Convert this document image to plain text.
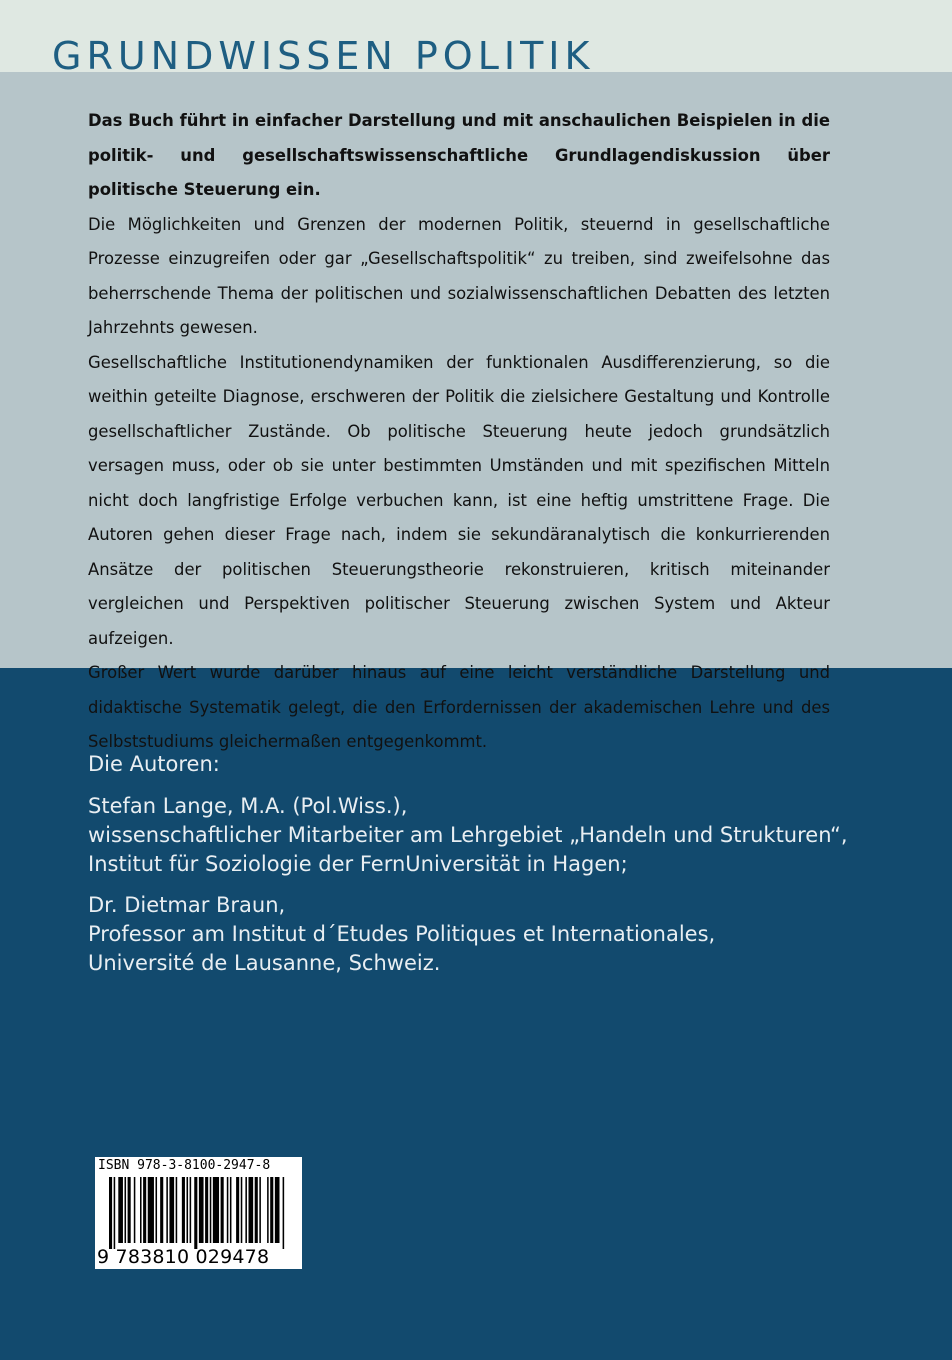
GRUNDWISSEN POLITIK

Das Buch führt in einfacher Darstellung und mit anschaulichen Beispielen in die politik- und gesellschaftswissenschaftliche Grundlagendiskussion über politische Steuerung ein.

Die Möglichkeiten und Grenzen der modernen Politik, steuernd in gesellschaftliche Prozesse einzugreifen oder gar „Gesellschaftspolitik“ zu treiben, sind zweifelsohne das beherrschende Thema der politischen und sozialwissenschaftlichen Debatten des letzten Jahrzehnts gewesen.

Gesellschaftliche Institutionendynamiken der funktionalen Ausdifferenzierung, so die weithin geteilte Diagnose, erschweren der Politik die zielsichere Gestaltung und Kontrolle gesellschaftlicher Zustände. Ob politische Steuerung heute jedoch grundsätzlich versagen muss, oder ob sie unter bestimmten Umständen und mit spezifischen Mitteln nicht doch langfristige Erfolge verbuchen kann, ist eine heftig umstrittene Frage. Die Autoren gehen dieser Frage nach, indem sie sekundäranalytisch die konkurrierenden Ansätze der politischen Steuerungstheorie rekonstruieren, kritisch miteinander vergleichen und Perspektiven politischer Steuerung zwischen System und Akteur aufzeigen.

Großer Wert wurde darüber hinaus auf eine leicht verständliche Darstellung und didaktische Systematik gelegt, die den Erfordernissen der akademischen Lehre und des Selbststudiums gleichermaßen entgegenkommt.

Die Autoren:

Stefan Lange, M.A. (Pol.Wiss.),

wissenschaftlicher Mitarbeiter am Lehrgebiet „Handeln und Strukturen“,

Institut für Soziologie der FernUniversität in Hagen;

Dr. Dietmar Braun,

Professor am Institut d´Etudes Politiques et Internationales,

Université de Lausanne, Schweiz.

ISBN 978-3-8100-2947-8
9 783810 029478
